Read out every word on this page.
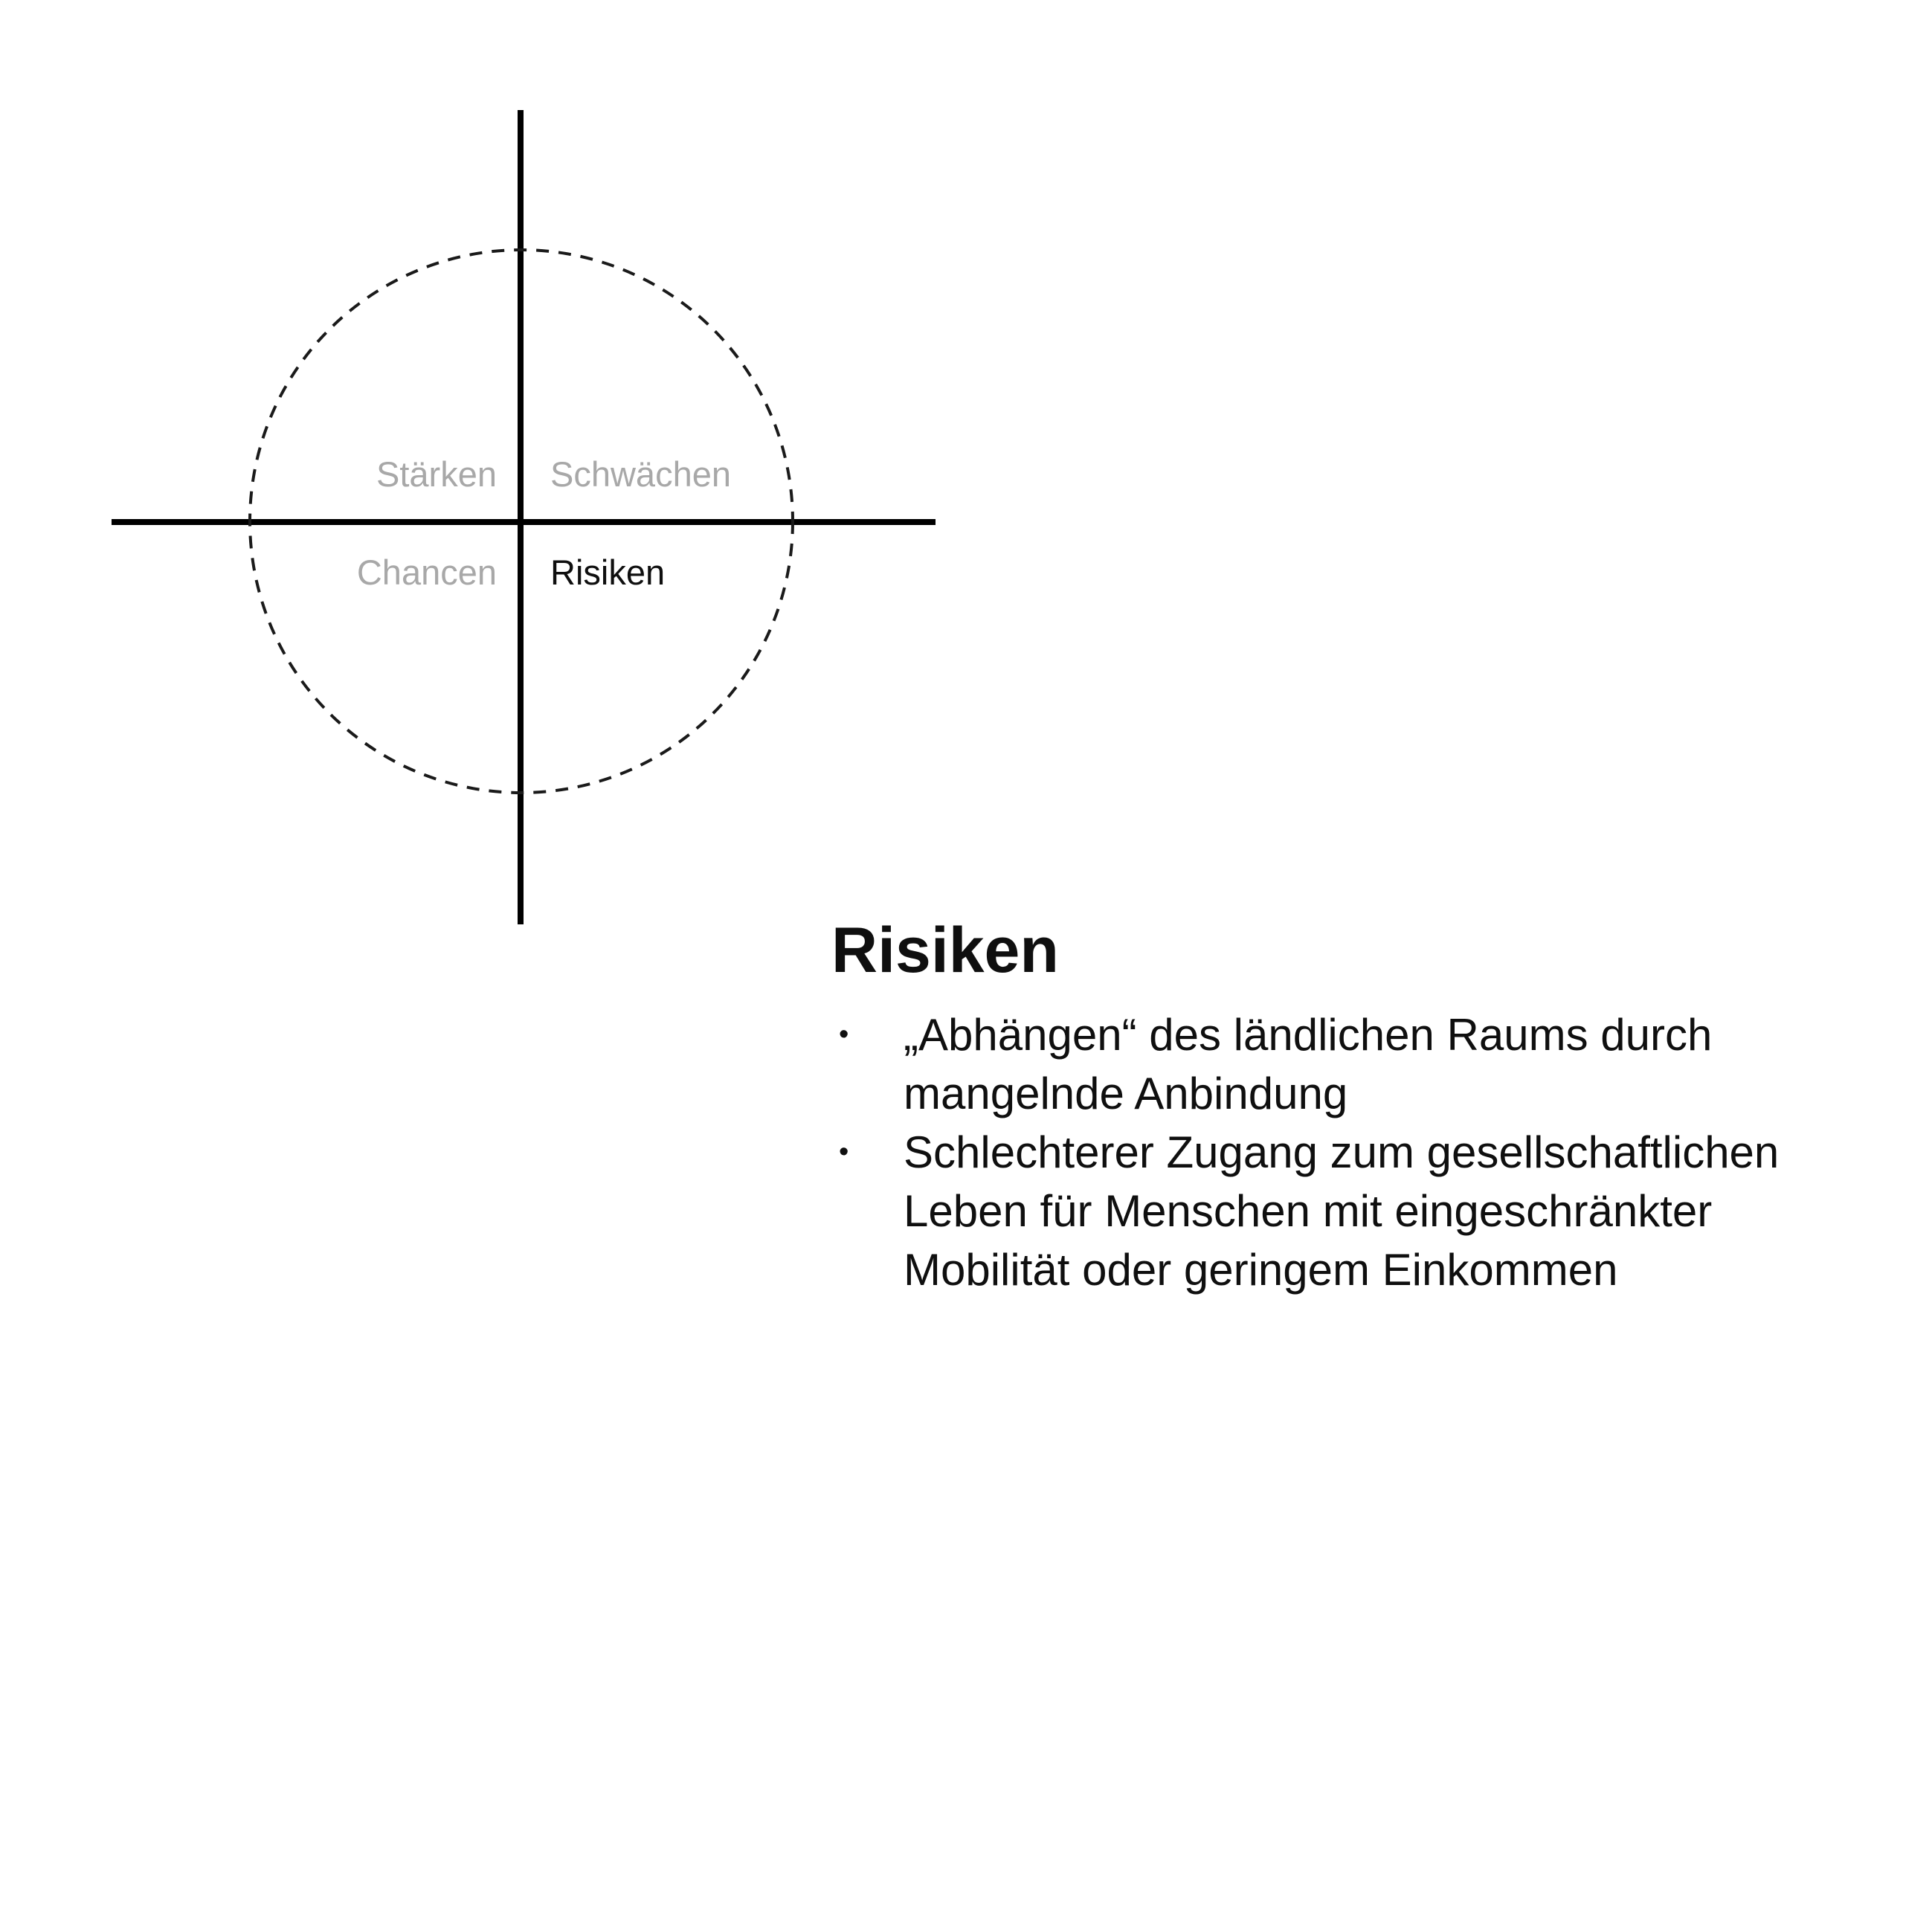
Stärken Schwächen
Chancen Risiken
Risiken
•	„Abhängen“ des ländlichen Raums durch mangelnde Anbindung
•	Schlechterer Zugang zum gesellschaftlichen Leben für Menschen mit eingeschränkter Mobilität oder geringem Einkommen
